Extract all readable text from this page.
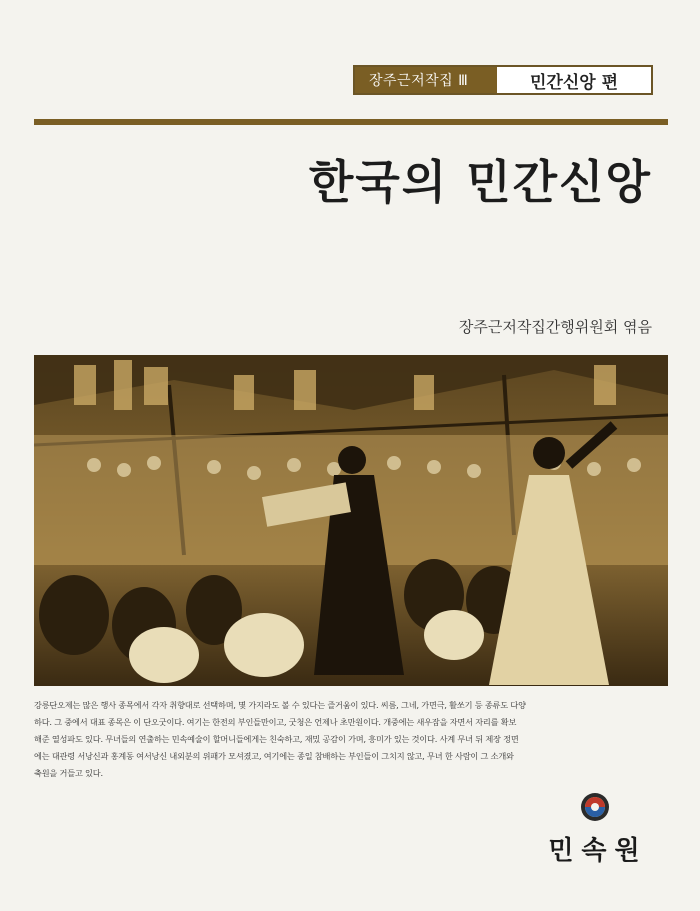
장주근저작집 Ⅲ	민간신앙 편
한국의 민간신앙
장주근저작집간행위원회 엮음

강릉단오제는 많은 행사 종목에서 각자 취향대로 선택하며, 몇 가지라도 볼 수 있다는 즐거움이 있다. 씨름, 그네, 가면극, 활쏘기 등 종류도 다양

하다. 그 중에서 대표 종목은 이 단오굿이다. 여기는 한전의 부인들만이고, 굿청은 언제나 초만원이다. 개중에는 새우잠을 자면서 자리를 확보

해준 열성파도 있다. 무녀들의 연출하는 민속예술이 할머니들에게는 친숙하고, 재밌 공감이 가며, 흥미가 있는 것이다. 사계 무녀 뒤 제장 정면

에는 대관령 서낭신과 홍계동 여서낭신 내외분의 위패가 모셔졌고, 여기에는 종일 참배하는 부인들이 그치지 않고, 무녀 한 사람이 그 소개와

축원을 거들고 있다.

민속원
